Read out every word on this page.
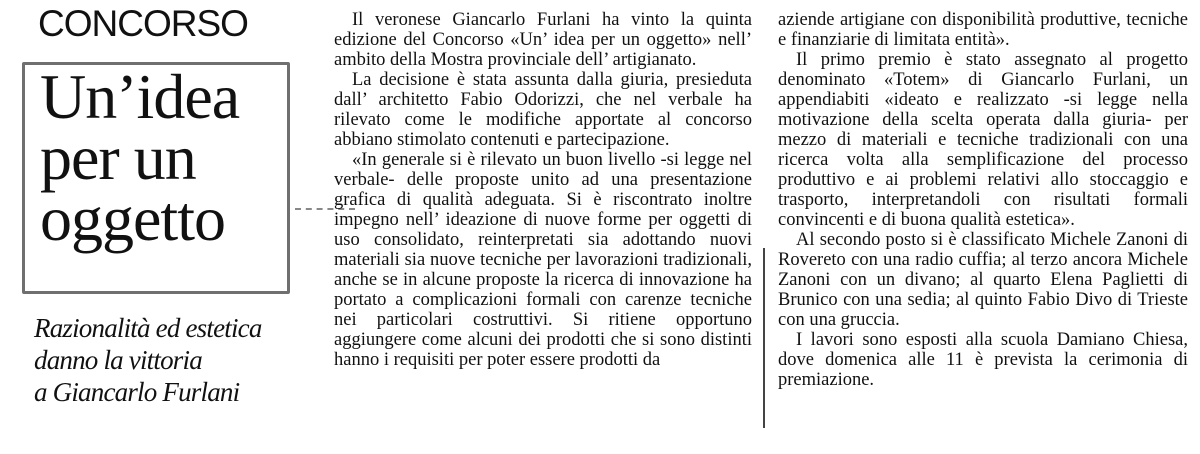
CONCORSO
Un’idea
per un
oggetto
Razionalità ed estetica
danno la vittoria
a Giancarlo Furlani

Il veronese Giancarlo Furlani ha vinto la quinta edizione del Concorso «Un’ idea per un oggetto» nell’ ambito della Mostra provinciale dell’ artigianato.

La decisione è stata assunta dalla giuria, presieduta dall’ architetto Fabio Odorizzi, che nel verbale ha rilevato come le modifiche apportate al concorso abbiano stimolato contenuti e partecipazione.

«In generale si è rilevato un buon livello -si legge nel verbale- delle proposte unito ad una presentazione grafica di qualità adeguata. Si è riscontrato inoltre impegno nell’ ideazione di nuove forme per oggetti di uso consolidato, reinterpretati sia adottando nuovi materiali sia nuove tecniche per lavorazioni tradizionali, anche se in alcune proposte la ricerca di innovazione ha portato a complicazioni formali con carenze tecniche nei particolari costruttivi. Si ritiene opportuno aggiungere come alcuni dei prodotti che si sono distinti hanno i requisiti per poter essere prodotti da

aziende artigiane con disponibilità produttive, tecniche e finanziarie di limitata entità».

Il primo premio è stato assegnato al progetto denominato «Totem» di Giancarlo Furlani, un appendiabiti «ideato e realizzato -si legge nella motivazione della scelta operata dalla giuria- per mezzo di materiali e tecniche tradizionali con una ricerca volta alla semplificazione del processo produttivo e ai problemi relativi allo stoccaggio e trasporto, interpretandoli con risultati formali convincenti e di buona qualità estetica».

Al secondo posto si è classificato Michele Zanoni di Rovereto con una radio cuffia; al terzo ancora Michele Zanoni con un divano; al quarto Elena Paglietti di Brunico con una sedia; al quinto Fabio Divo di Trieste con una gruccia.

I lavori sono esposti alla scuola Damiano Chiesa, dove domenica alle 11 è prevista la cerimonia di premiazione.
